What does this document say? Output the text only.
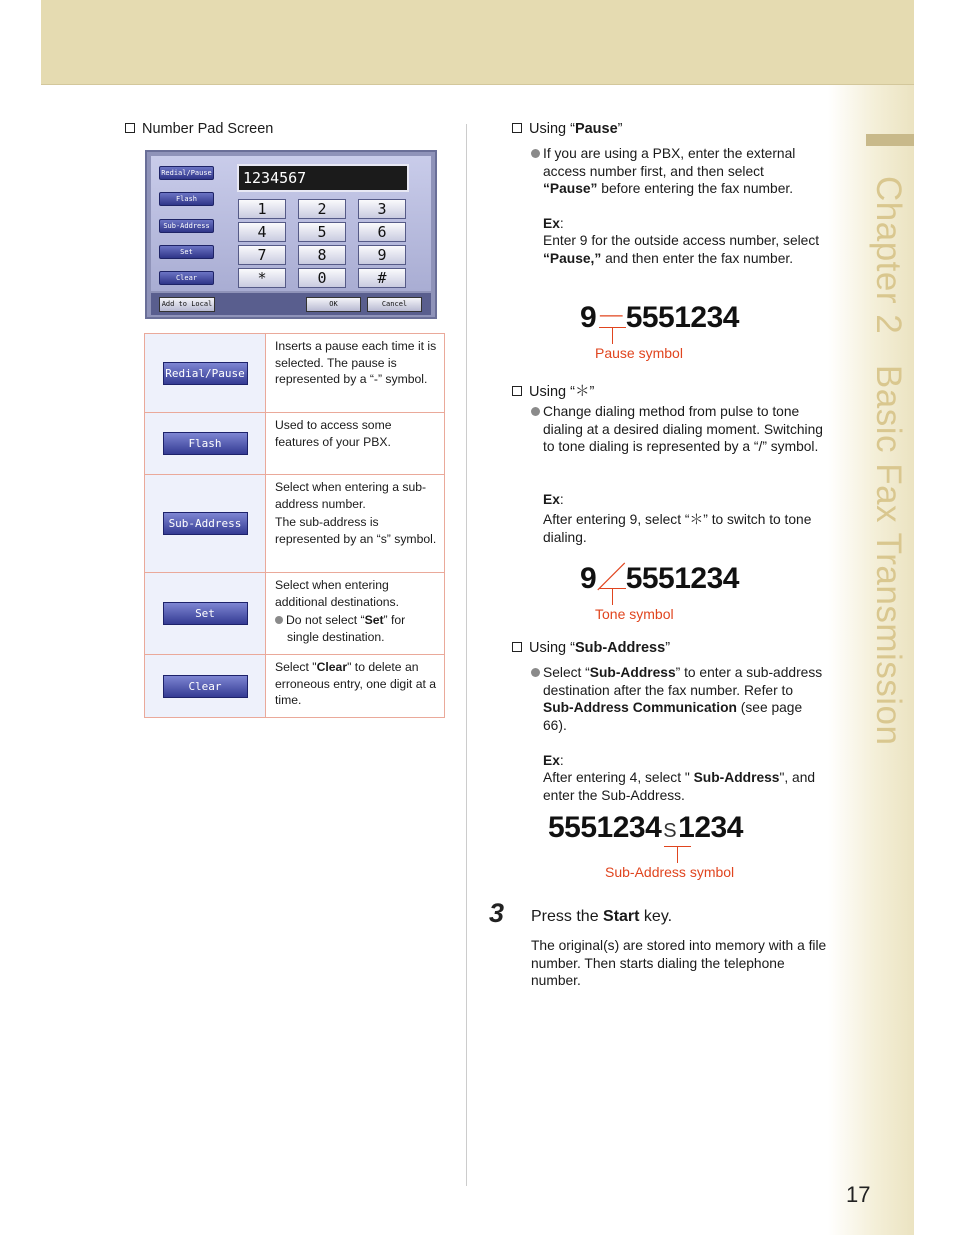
Chapter 2   Basic Fax Transmission
17
Number Pad Screen
Redial/Pause
Flash
Sub-Address
Set
Clear
1234567
1	2	3
4	5	6
7	8	9
*	0	#
Add to Local	OK	Cancel
Redial/Pause	Inserts a pause each time it is selected. The pause is represented by a “-” symbol.

Flash	Used to access some features of your PBX.

Sub-Address	Select when entering a sub-address number.

The sub-address is represented by an “s” symbol.

Set	Select when entering additional destinations.

Do not select “Set” for single destination.

Clear	Select "Clear" to delete an erroneous entry, one digit at a time.

Using “Pause”
If you are using a PBX, enter the external access number first, and then select “Pause” before entering the fax number.
Ex:
Enter 9 for the outside access number, select “Pause,” and then enter the fax number.
9－5551234
Pause symbol
Using “＊”
Change dialing method from pulse to tone dialing at a desired dialing moment. Switching to tone dialing is represented by a “/” symbol.
Ex:
After entering 9, select “＊” to switch to tone dialing.
9／5551234
Tone symbol
Using “Sub-Address”
Select “Sub-Address” to enter a sub-address destination after the fax number. Refer to Sub-Address Communication (see page 66).
Ex:
After entering 4, select " Sub-Address", and enter the Sub-Address.
5551234 S1234
Sub-Address symbol
3 Press the Start key.
The original(s) are stored into memory with a file number. Then starts dialing the telephone number.
